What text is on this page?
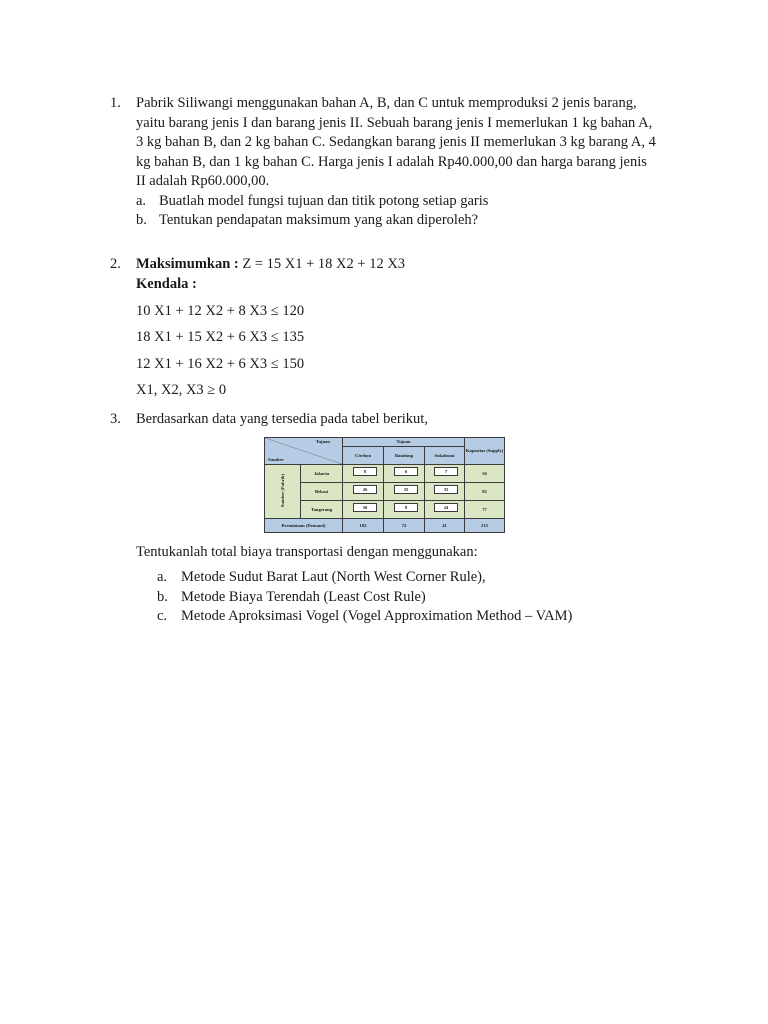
1.	Pabrik Siliwangi menggunakan bahan A, B, dan C untuk memproduksi 2 jenis barang,
yaitu barang jenis I dan barang jenis II. Sebuah barang jenis I memerlukan 1 kg bahan A,
3 kg bahan B, dan 2 kg bahan C. Sedangkan barang jenis II memerlukan 3 kg barang A, 4
kg bahan B, dan 1 kg bahan C. Harga jenis I adalah Rp40.000,00 dan harga barang jenis
II adalah Rp60.000,00.
a. Buatlah model fungsi tujuan dan titik potong setiap garis
b. Tentukan pendapatan maksimum yang akan diperoleh?
2.	Maksimumkan : Z = 15 X1 + 18 X2 + 12 X3
Kendala :
10 X1 + 12 X2 + 8 X3 ≤ 120
18 X1 + 15 X2 + 6 X3 ≤ 135
12 X1 + 16 X2 + 6 X3 ≤ 150
X1, X2, X3 ≥ 0
3.	Berdasarkan data yang tersedia pada tabel berikut,
Tujuan
Sumber		Tujuan			Kapasitas (Supply)
		Cirebon	Bandung	Sukabumi	
Sumber (Pabrik)	Jakarta	8	6	7	56
	Bekasi	26	25	35	82
	Tangerang	50	8	24	77
Permintaan (Demand)		102	72	41	215
Tentukanlah total biaya transportasi dengan menggunakan:
a. Metode Sudut Barat Laut (North West Corner Rule),
b. Metode Biaya Terendah (Least Cost Rule)
c. Metode Aproksimasi Vogel (Vogel Approximation Method – VAM)
